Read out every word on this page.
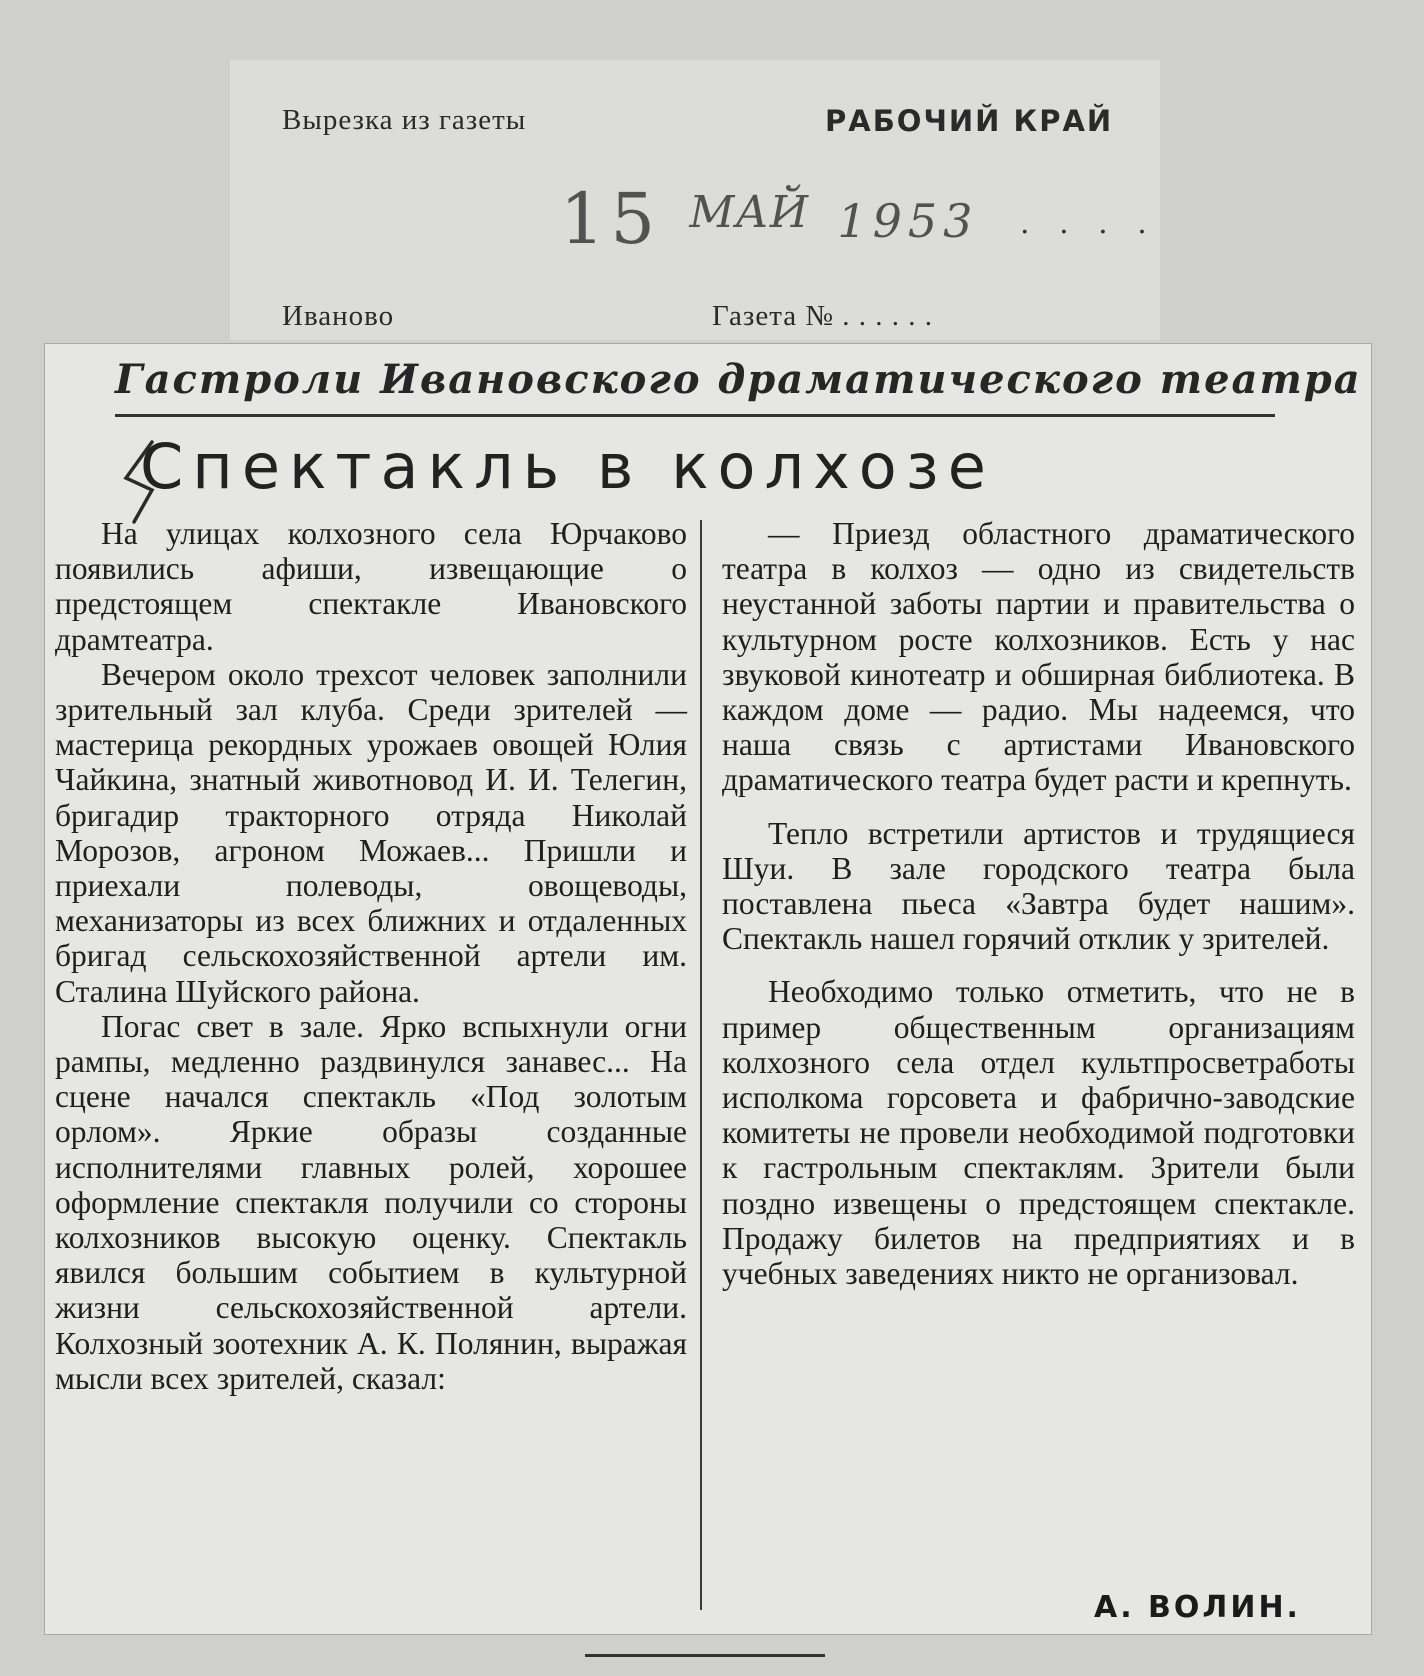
Вырезка из газеты	РАБОЧИЙ КРАЙ
15 $^{МАЙ}$ 1953 . . . .
Иваново	Газета № . . . . . .
Гастроли Ивановского драматического театра
Спектакль в колхозе

На улицах колхозного села Юрчаково появились афиши, извещающие о предстоящем спектакле Ивановского драмтеатра.

Вечером около трехсот человек заполнили зрительный зал клуба. Среди зрителей — мастерица рекордных урожаев овощей Юлия Чайкина, знатный животновод И. И. Телегин, бригадир тракторного отряда Николай Морозов, агроном Можаев... Пришли и приехали полеводы, овощеводы, механизаторы из всех ближних и отдаленных бригад сельскохозяйственной артели им. Сталина Шуйского района.

Погас свет в зале. Ярко вспыхнули огни рампы, медленно раздвинулся занавес... На сцене начался спектакль «Под золотым орлом». Яркие образы созданные исполнителями главных ролей, хорошее оформление спектакля получили со стороны колхозников высокую оценку. Спектакль явился большим событием в культурной жизни сельскохозяйственной артели. Колхозный зоотехник А. К. Полянин, выражая мысли всех зрителей, сказал:

— Приезд областного драматического театра в колхоз — одно из свидетельств неустанной заботы партии и правительства о культурном росте колхозников. Есть у нас звуковой кинотеатр и обширная библиотека. В каждом доме — радио. Мы надеемся, что наша связь с артистами Ивановского драматического театра будет расти и крепнуть.

Тепло встретили артистов и трудящиеся Шуи. В зале городского театра была поставлена пьеса «Завтра будет нашим». Спектакль нашел горячий отклик у зрителей.

Необходимо только отметить, что не в пример общественным организациям колхозного села отдел культпросветработы исполкома горсовета и фабрично-заводские комитеты не провели необходимой подготовки к гастрольным спектаклям. Зрители были поздно извещены о предстоящем спектакле. Продажу билетов на предприятиях и в учебных заведениях никто не организовал.

А. ВОЛИН.
